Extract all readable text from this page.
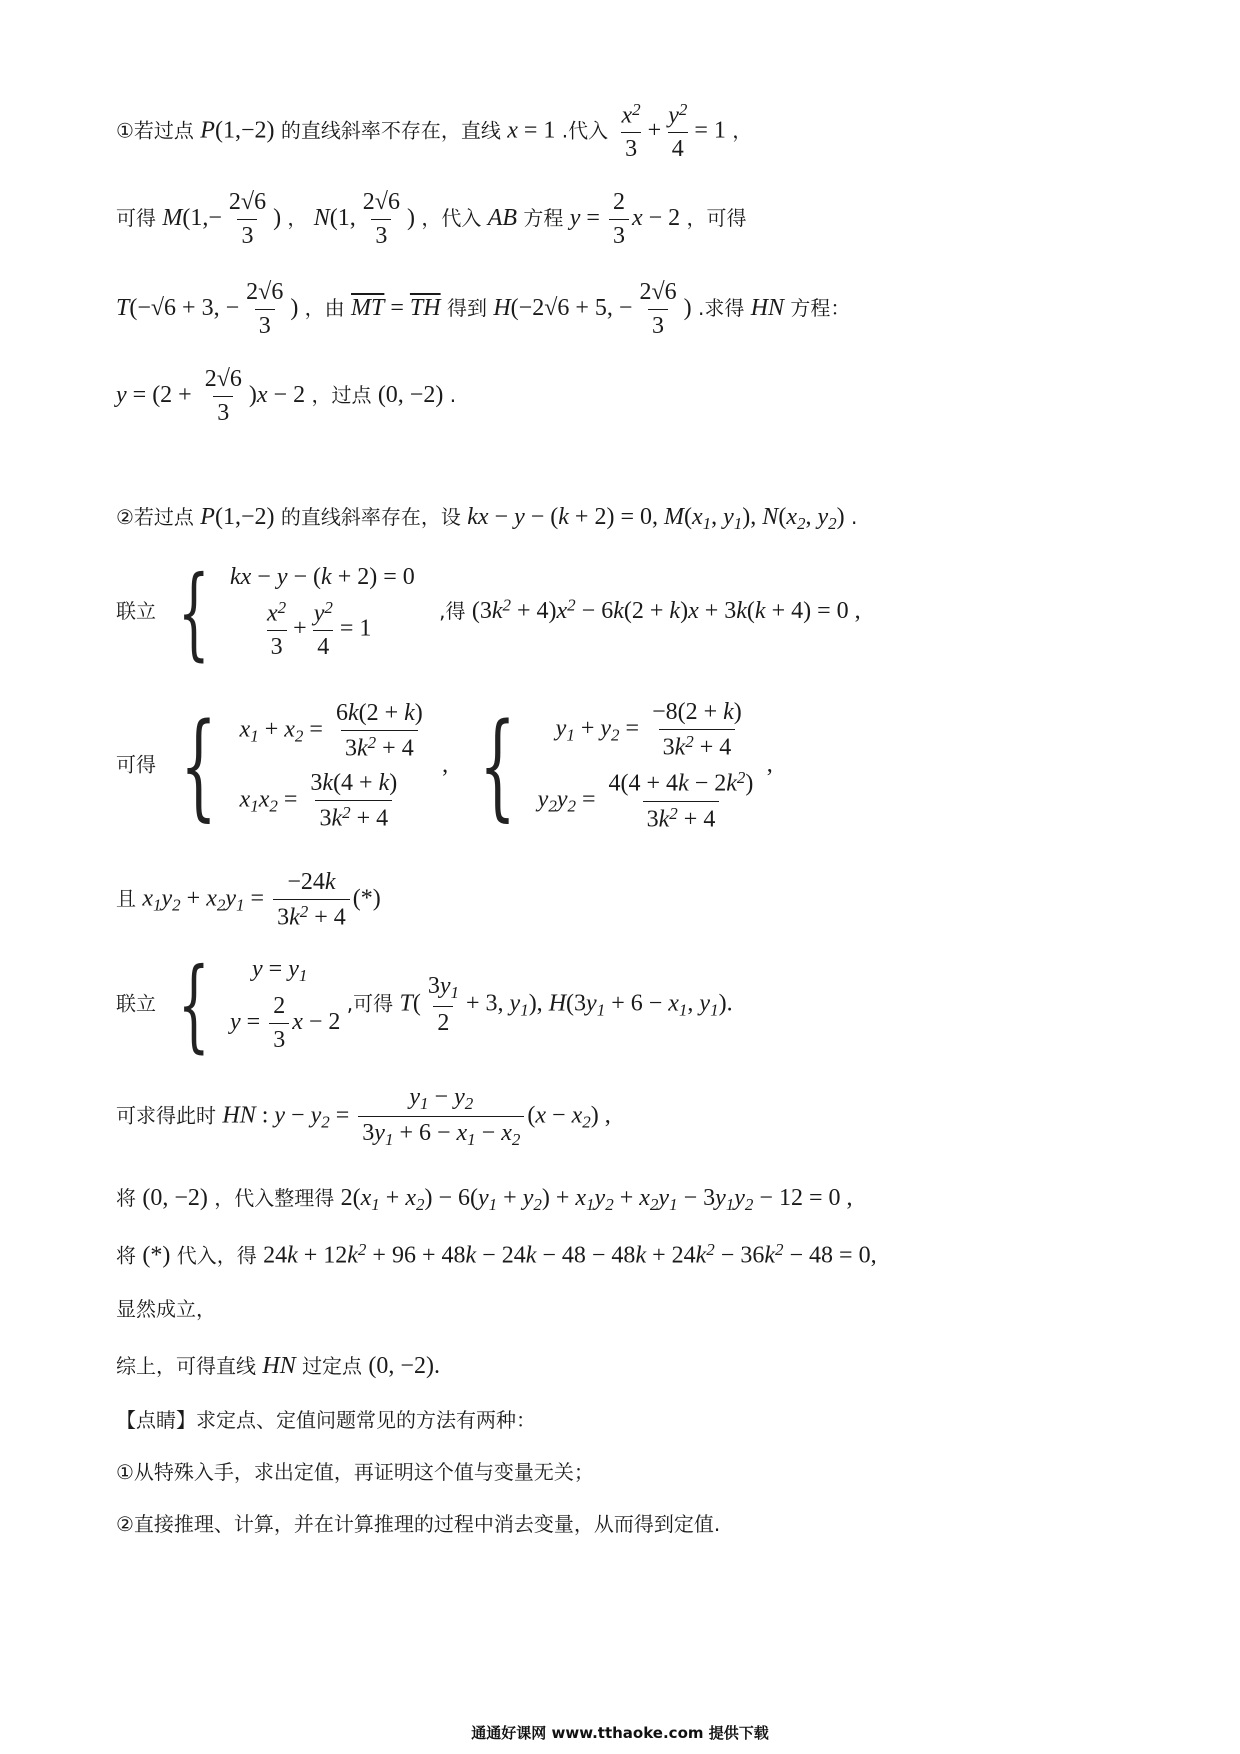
①若过点 P(1,−2) 的直线斜率不存在，直线 x = 1 .代入 $\frac{x^2}{3} + \frac{y^2}{4} = 1$ ，
可得 $M(1,- \frac{2√6}{3}$ ) ， N(1, $\frac{2√6}{3}$ ) ，代入 AB 方程 $y = \frac{2}{3}$ x − 2 ，可得
T(−√6 + 3, − $\frac{2√6}{3}$ ) ，由 $\overline{MT} = \overline{TH}$ 得到 H(−2√6 + 5, − $\frac{2√6}{3}$ ) .求得 HN 方程：
$y = (2 + \frac{2√6}{3} )x - 2$ ，过点 (0, −2) .
②若过点 P(1,−2) 的直线斜率存在，设 kx − y − (k + 2) = 0, $M(x_1$, $y_1$), $N(x_2$, $y_2$) .
联立 { kx − y − (k + 2) = 0
$\frac{x^2}{3} + \frac{y^2}{4} = 1$
,得 $(3k^2 + 4)x^2 - 6k(2 + k)x + 3k(k + 4) = 0$ ,
可得 { $x_1 + x_2 = \frac{6k(2 + k)}{3k^2 + 4}$
$x_1x_2 = \frac{3k(4 + k)}{3k^2 + 4}$
, {	$y_1 + y_2 = \frac{-8(2 + k)}{3k^2 + 4}$
$y_2y_2 = \frac{4(4 + 4k - 2k^2)}{3k^2 + 4}$
,
且 $x_1y_2 + x_2y_1 = \frac{-24k}{3k^2 + 4}$ (*)
联立 {	$y = y_1$
$y = \frac{2}{3}$ x − 2
,可得 $T( \frac{3y_1}{2} + 3$, $y_1$), $H(3y_1 + 6 - x_1$, $y_1$).
可求得此时 HN : $y - y_2 = \frac{y_1 - y_2}{3y_1 + 6 - x_1 - x_2} (x - x_2)$ ,
将 (0, −2) ，代入整理得 $2(x_1 + x_2) - 6(y_1 + y_2) + x_1y_2 + x_2y_1 - 3y_1y_2 - 12 = 0$ ,
将 (*) 代入，得 $24k + 12k^2 + 96 + 48k - 24k - 48 - 48k + 24k^2 - 36k^2 - 48 = 0$,
显然成立，
综上，可得直线 HN 过定点 (0, −2).
【点睛】求定点、定值问题常见的方法有两种：
①从特殊入手，求出定值，再证明这个值与变量无关；
②直接推理、计算，并在计算推理的过程中消去变量，从而得到定值.
通通好课网 www.tthaoke.com 提供下载
